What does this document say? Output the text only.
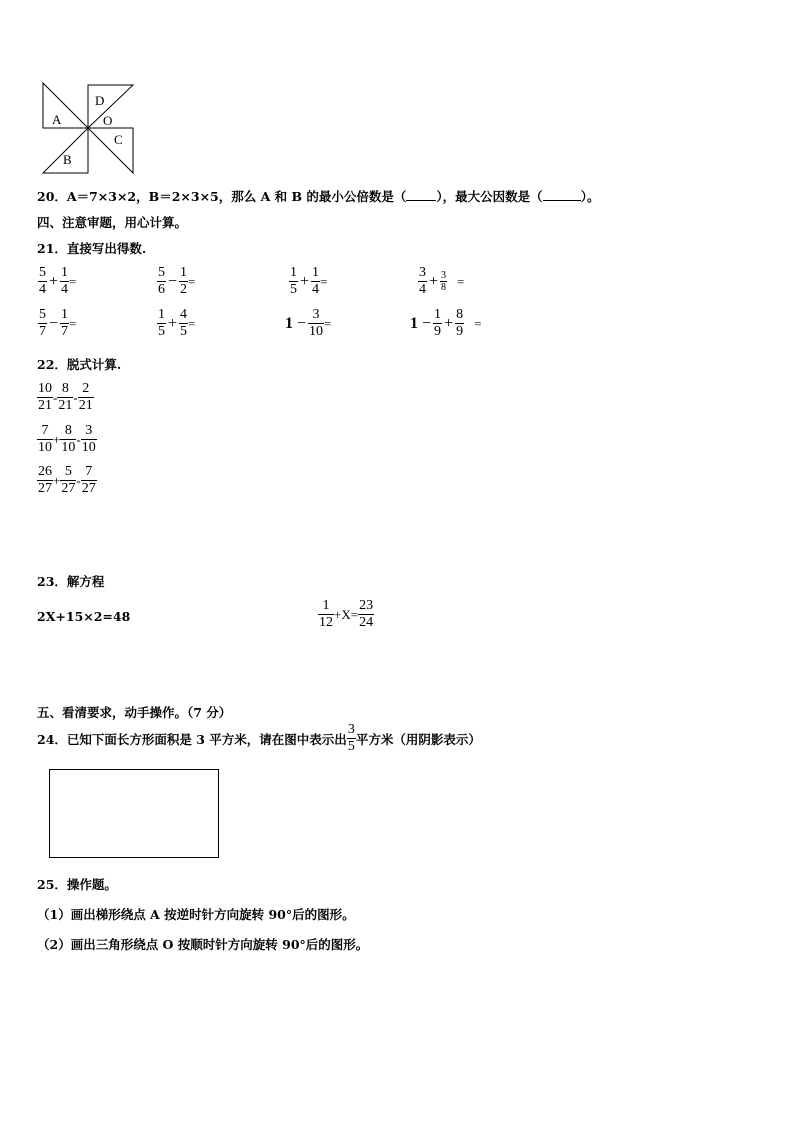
A
D
O
C
B
20．A＝7×3×2，B＝2×3×5，那么 A 和 B 的最小公倍数是（ ），最大公因数是（	）。
四、注意审题，用心计算。
21．直接写出得数.
$\frac{5}{4} + \frac{1}{4}$ =	$\frac{5}{6} - \frac{1}{2}$ =	$\frac{1}{5} + \frac{1}{4}$ =	$\frac{3}{4} + \frac{3}{8}$ =
$\frac{5}{7} - \frac{1}{7}$ =	$\frac{1}{5} + \frac{4}{5}$ =	$1 - \frac{3}{10}$ =	$1 - \frac{1}{9} + \frac{8}{9}$ =
22．脱式计算.
$\frac{10}{21} - \frac{8}{21} - \frac{2}{21}$
$\frac{7}{10} + \frac{8}{10} - \frac{3}{10}$
$\frac{26}{27} + \frac{5}{27} - \frac{7}{27}$
23．解方程
2X+15×2=48	$\frac{1}{12} +X= \frac{23}{24}$
五、看清要求，动手操作。（7 分）
24．已知下面长方形面积是 3 平方米，请在图中表示出 $\frac{3}{5}$ 平方米（用阴影表示）
25．操作题。
（1）画出梯形绕点 A 按逆时针方向旋转 90°后的图形。
（2）画出三角形绕点 O 按顺时针方向旋转 90°后的图形。
